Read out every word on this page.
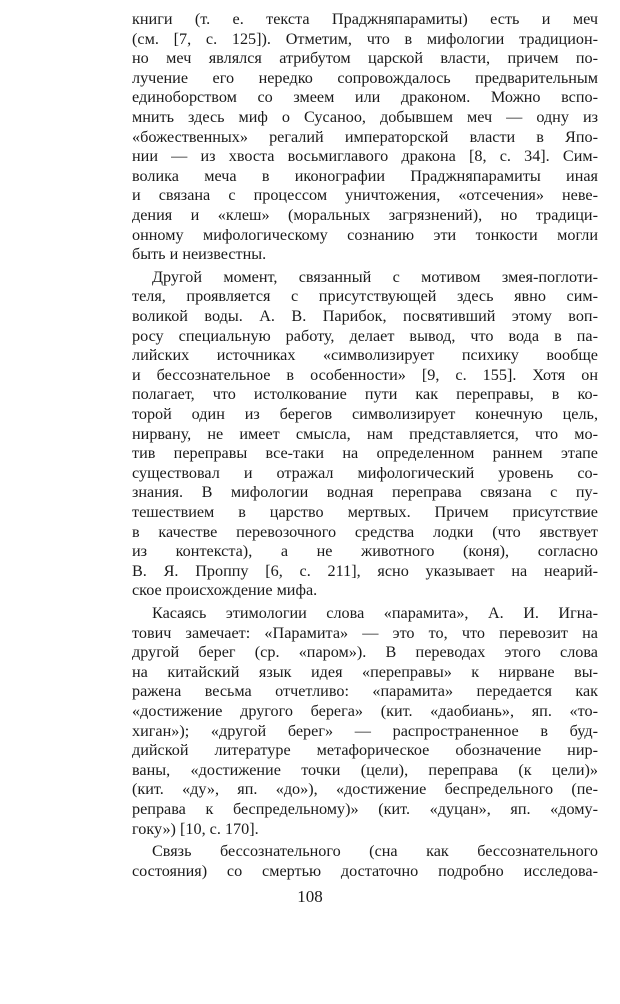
книги (т. е. текста Праджняпарамиты) есть и меч
(см. [7, с. 125]). Отметим, что в мифологии традицион-
но меч являлся атрибутом царской власти, причем по-
лучение его нередко сопровождалось предварительным
единоборством со змеем или драконом. Можно вспо-
мнить здесь миф о Сусаноо, добывшем меч — одну из
«божественных» регалий императорской власти в Япо-
нии — из хвоста восьмиглавого дракона [8, с. 34]. Сим-
волика меча в иконографии Праджняпарамиты иная
и связана с процессом уничтожения, «отсечения» неве-
дения и «клеш» (моральных загрязнений), но традици-
онному мифологическому сознанию эти тонкости могли
быть и неизвестны.
Другой момент, связанный с мотивом змея-поглоти-
теля, проявляется с присутствующей здесь явно сим-
воликой воды. А. В. Парибок, посвятивший этому воп-
росу специальную работу, делает вывод, что вода в па-
лийских источниках «символизирует психику вообще
и бессознательное в особенности» [9, с. 155]. Хотя он
полагает, что истолкование пути как переправы, в ко-
торой один из берегов символизирует конечную цель,
нирвану, не имеет смысла, нам представляется, что мо-
тив переправы все-таки на определенном раннем этапе
существовал и отражал мифологический уровень со-
знания. В мифологии водная переправа связана с пу-
тешествием в царство мертвых. Причем присутствие
в качестве перевозочного средства лодки (что явствует
из контекста), а не животного (коня), согласно
В. Я. Проппу [6, с. 211], ясно указывает на неарий-
ское происхождение мифа.
Касаясь этимологии слова «парамита», А. И. Игна-
тович замечает: «Парамита» — это то, что перевозит на
другой берег (ср. «паром»). В переводах этого слова
на китайский язык идея «переправы» к нирване вы-
ражена весьма отчетливо: «парамита» передается как
«достижение другого берега» (кит. «даобиань», яп. «то-
хиган»); «другой берег» — распространенное в буд-
дийской литературе метафорическое обозначение нир-
ваны, «достижение точки (цели), переправа (к цели)»
(кит. «ду», яп. «до»), «достижение беспредельного (пе-
реправа к беспредельному)» (кит. «дуцан», яп. «дому-
гоку») [10, с. 170].
Связь бессознательного (сна как бессознательного
состояния) со смертью достаточно подробно исследова-
108
